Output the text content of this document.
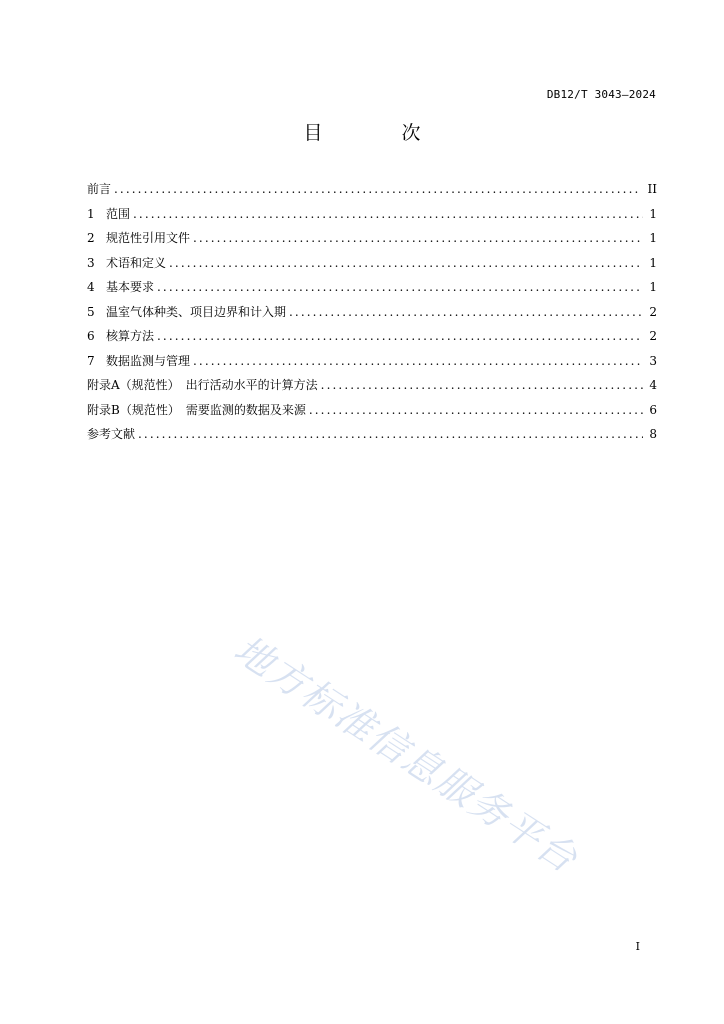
DB12/T 3043—2024
目　次
前言 .....	II
1 范围 .....	1
2 规范性引用文件 .....	1
3 术语和定义 .....	1
4 基本要求 .....	1
5 温室气体种类、项目边界和计入期 .....	2
6 核算方法 .....	2
7 数据监测与管理 .....	3
附录A（规范性）　出行活动水平的计算方法 .....	4
附录B（规范性）　需要监测的数据及来源 .....	6
参考文献 .....	8
地方标准信息服务平台
I
